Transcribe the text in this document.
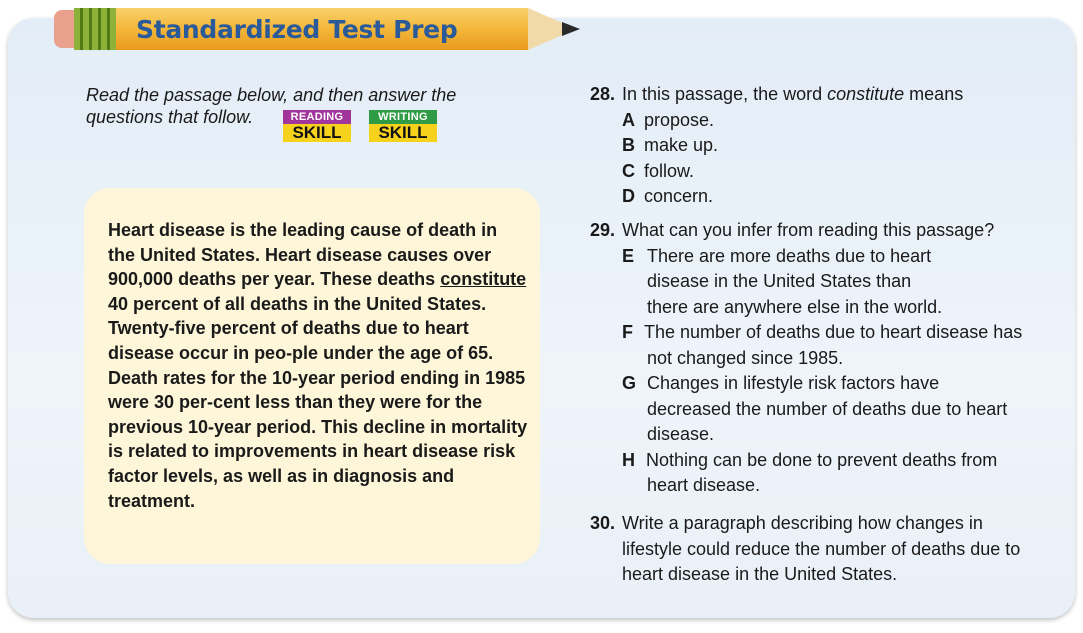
Standardized Test Prep
Read the passage below, and then answer the
questions that follow.	READING
SKILL
WRITING
SKILL

Heart disease is the leading cause of death in the United States. Heart disease causes over 900,000 deaths per year. These deaths constitute 40 percent of all deaths in the United States. Twenty-five percent of deaths due to heart disease occur in peo-ple under the age of 65. Death rates for the 10-year period ending in 1985 were 30 per-cent less than they were for the previous 10-year period. This decline in mortality is related to improvements in heart disease risk factor levels, as well as in diagnosis and treatment.

28. In this passage, the word constitute means
A propose.
B make up.
C follow.
D concern.
29. What can you infer from reading this passage?
E There are more deaths due to heart
disease in the United States than
there are anywhere else in the world.
F The number of deaths due to heart disease has
not changed since 1985.
G Changes in lifestyle risk factors have
decreased the number of deaths due to heart
disease.
H Nothing can be done to prevent deaths from
heart disease.
30. Write a paragraph describing how changes in
lifestyle could reduce the number of deaths due to
heart disease in the United States.
